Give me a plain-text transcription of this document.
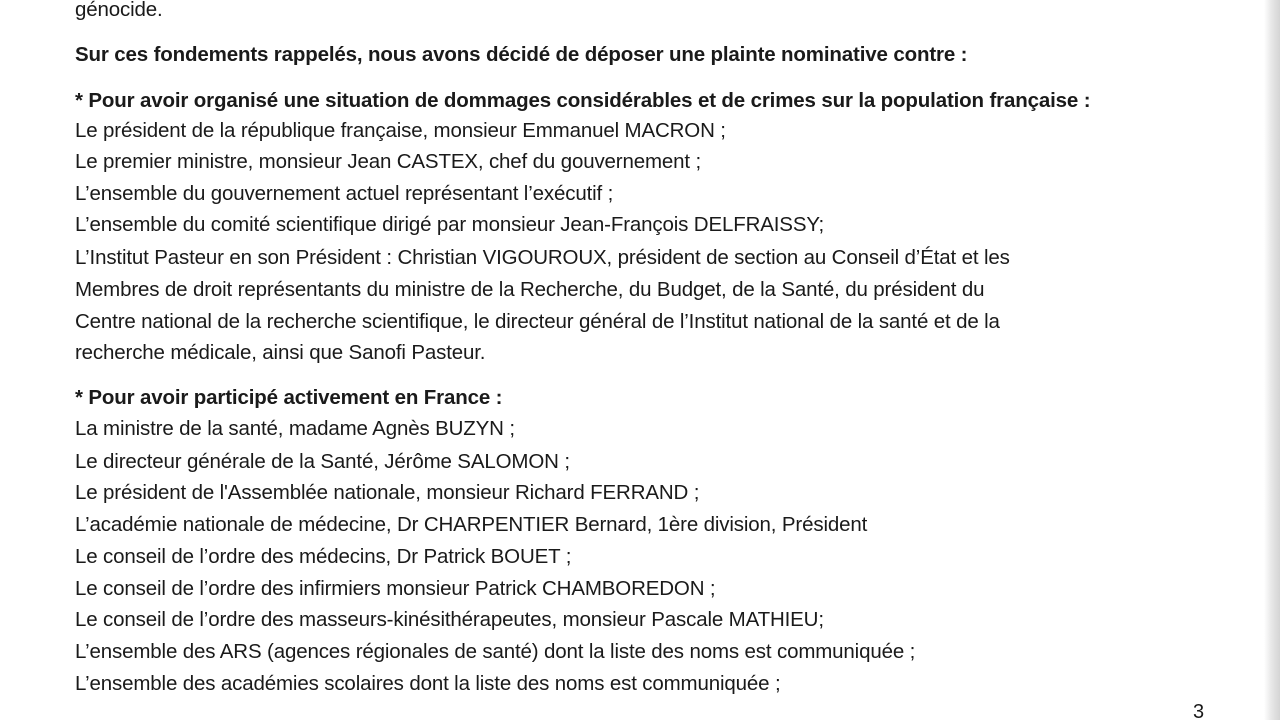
génocide.
Sur ces fondements rappelés, nous avons décidé de déposer une plainte nominative contre :
* Pour avoir organisé une situation de dommages considérables et de crimes sur la population française :
Le président de la république française, monsieur Emmanuel MACRON ;
Le premier ministre, monsieur Jean CASTEX, chef du gouvernement ;
L’ensemble du gouvernement actuel représentant l’exécutif ;
L’ensemble du comité scientifique dirigé par monsieur Jean-François DELFRAISSY;
L’Institut Pasteur en son Président : Christian VIGOUROUX, président de section au Conseil d’État et les
Membres de droit représentants du ministre de la Recherche, du Budget, de la Santé, du président du
Centre national de la recherche scientifique, le directeur général de l’Institut national de la santé et de la
recherche médicale, ainsi que Sanofi Pasteur.
* Pour avoir participé activement en France :
La ministre de la santé, madame Agnès BUZYN ;
Le directeur générale de la Santé, Jérôme SALOMON ;
Le président de l'Assemblée nationale, monsieur Richard FERRAND ;
L’académie nationale de médecine, Dr CHARPENTIER Bernard, 1ère division, Président
Le conseil de l’ordre des médecins, Dr Patrick BOUET ;
Le conseil de l’ordre des infirmiers monsieur Patrick CHAMBOREDON ;
Le conseil de l’ordre des masseurs-kinésithérapeutes, monsieur Pascale MATHIEU;
L’ensemble des ARS (agences régionales de santé) dont la liste des noms est communiquée ;
L’ensemble des académies scolaires dont la liste des noms est communiquée ;
3
